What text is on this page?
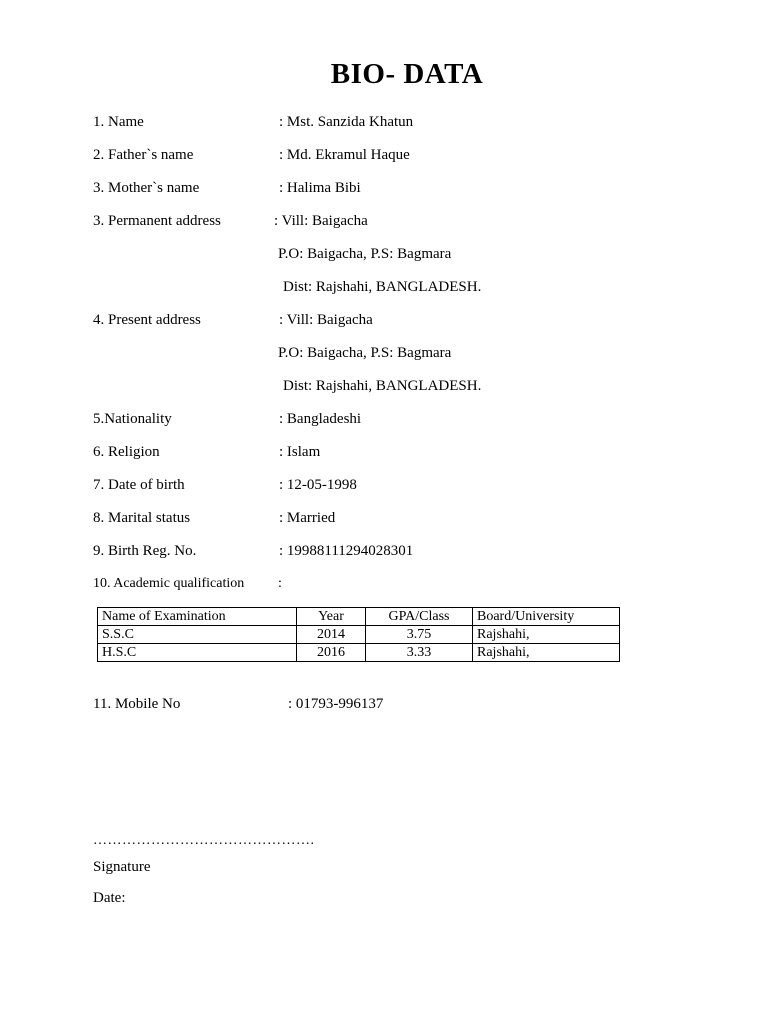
BIO- DATA
1. Name	: Mst. Sanzida Khatun
2. Father`s name	: Md. Ekramul Haque
3. Mother`s name	: Halima Bibi
3. Permanent address	: Vill: Baigacha
P.O: Baigacha, P.S: Bagmara
Dist: Rajshahi, BANGLADESH.
4. Present address	: Vill: Baigacha
P.O: Baigacha, P.S: Bagmara
Dist: Rajshahi, BANGLADESH.
5.Nationality	: Bangladeshi
6. Religion	: Islam
7. Date of birth	: 12-05-1998
8. Marital status	: Married
9. Birth Reg. No.	: 19988111294028301
10. Academic qualification :
Name of Examination	Year	GPA/Class	Board/University
S.S.C	2014	3.75	Rajshahi,
H.S.C	2016	3.33	Rajshahi,
11. Mobile No	: 01793-996137
……………………………………….
Signature
Date:
